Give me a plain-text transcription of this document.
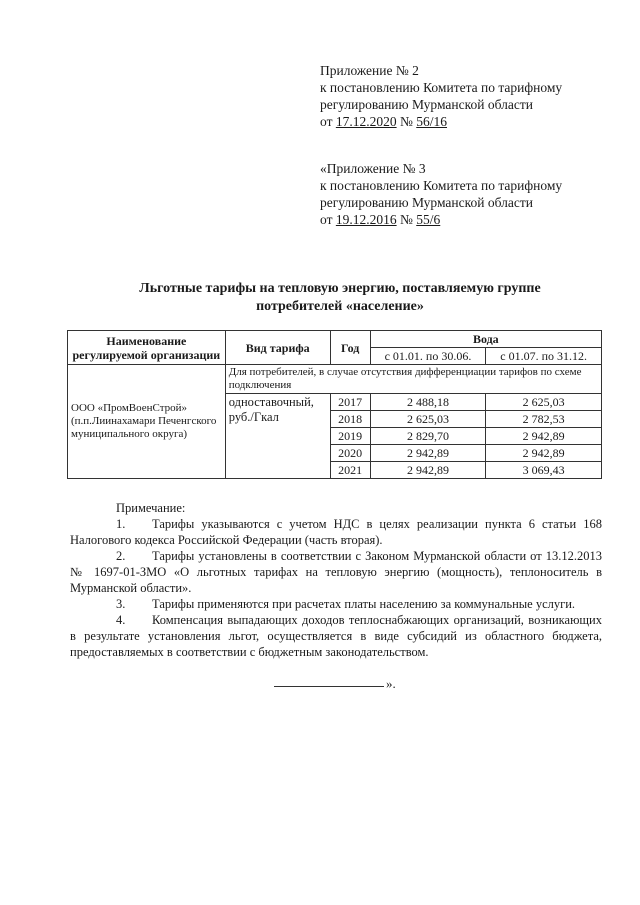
Приложение № 2
к постановлению Комитета по тарифному
регулированию Мурманской области
от 17.12.2020 № 56/16
«Приложение № 3
к постановлению Комитета по тарифному
регулированию Мурманской области
от 19.12.2016 № 55/6
Льготные тарифы на тепловую энергию, поставляемую группе
потребителей «население»
Наименование регулируемой организации	Вид тарифа	Год	Вода	
			с 01.01. по 30.06.	с 01.07. по 31.12.
ООО «ПромВоенСтрой» (п.п.Лиинахамари Печенгского муниципального округа)	Для потребителей, в случае отсутствия дифференциации тарифов по схеме подключения			
	одноставочный, руб./Гкал	2017	2 488,18	2 625,03
		2018	2 625,03	2 782,53
		2019	2 829,70	2 942,89
		2020	2 942,89	2 942,89
		2021	2 942,89	3 069,43

Примечание:

1. Тарифы указываются с учетом НДС в целях реализации пункта 6 статьи 168 Налогового кодекса Российской Федерации (часть вторая).

2. Тарифы установлены в соответствии с Законом Мурманской области от 13.12.2013 № 1697-01-ЗМО «О льготных тарифах на тепловую энергию (мощность), теплоноситель в Мурманской области».

3. Тарифы применяются при расчетах платы населению за коммунальные услуги.

4. Компенсация выпадающих доходов теплоснабжающих организаций, возникающих в результате установления льгот, осуществляется в виде субсидий из областного бюджета, предоставляемых в соответствии с бюджетным законодательством.

».
